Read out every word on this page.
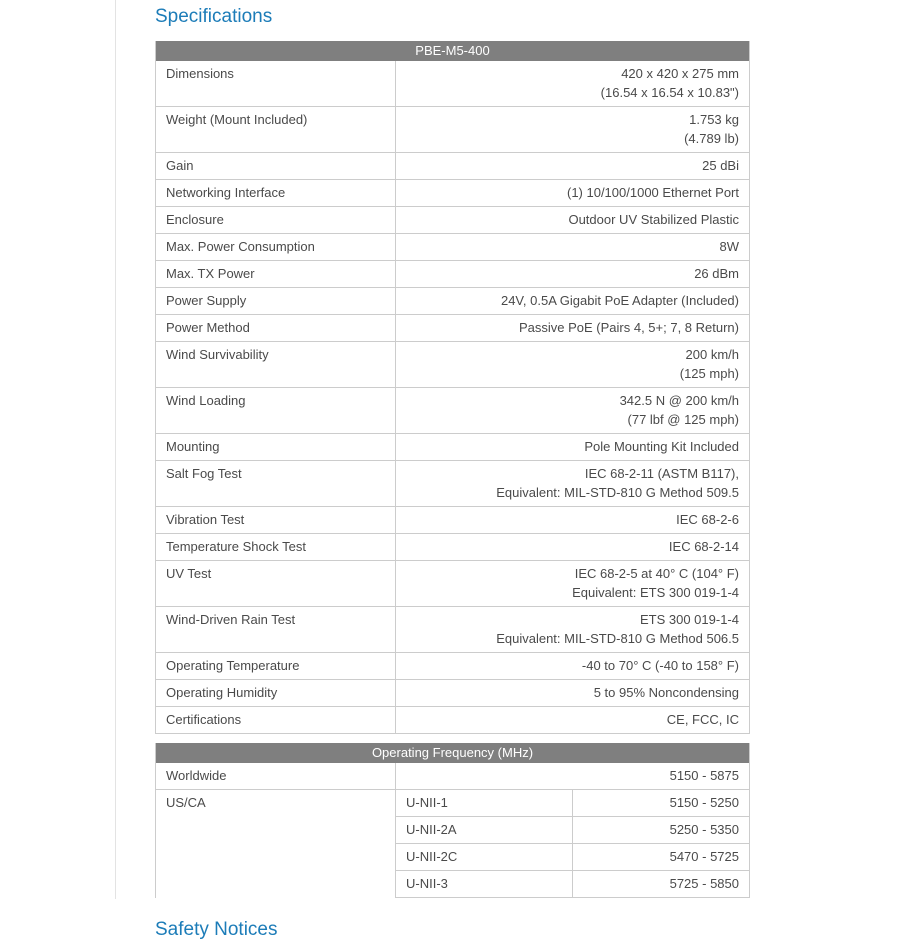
Specifications
PBE-M5-400
Dimensions	420 x 420 x 275 mm
(16.54 x 16.54 x 10.83")
Weight (Mount Included)	1.753 kg
(4.789 lb)
Gain	25 dBi
Networking Interface	(1) 10/100/1000 Ethernet Port
Enclosure	Outdoor UV Stabilized Plastic
Max. Power Consumption	8W
Max. TX Power	26 dBm
Power Supply	24V, 0.5A Gigabit PoE Adapter (Included)
Power Method	Passive PoE (Pairs 4, 5+; 7, 8 Return)
Wind Survivability	200 km/h
(125 mph)
Wind Loading	342.5 N @ 200 km/h
(77 lbf @ 125 mph)
Mounting	Pole Mounting Kit Included
Salt Fog Test	IEC 68-2-11 (ASTM B117),
Equivalent: MIL-STD-810 G Method 509.5
Vibration Test	IEC 68-2-6
Temperature Shock Test	IEC 68-2-14
UV Test	IEC 68-2-5 at 40° C (104° F)
Equivalent: ETS 300 019-1-4
Wind-Driven Rain Test	ETS 300 019-1-4
Equivalent: MIL-STD-810 G Method 506.5
Operating Temperature	-40 to 70° C (-40 to 158° F)
Operating Humidity	5 to 95% Noncondensing
Certifications	CE, FCC, IC
Operating Frequency (MHz)
Worldwide	5150 - 5875
US/CA	U-NII-1	5150 - 5250
U-NII-2A	5250 - 5350
U-NII-2C	5470 - 5725
U-NII-3	5725 - 5850
Safety Notices
